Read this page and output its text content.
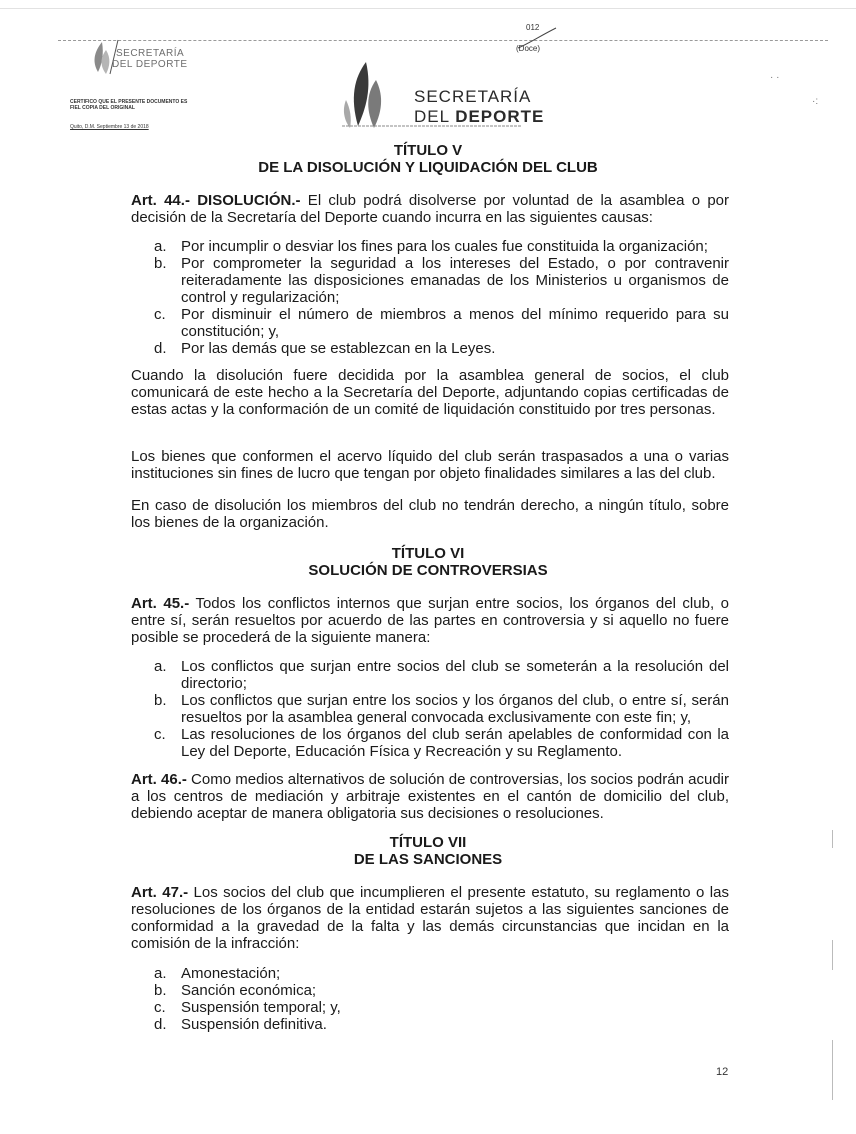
· ·
·:
SECRETARÍA
DEL DEPORTE
CERTIFICO QUE EL PRESENTE DOCUMENTO ES FIEL COPIA DEL ORIGINAL
Quito, D.M. Septiembre 13 de 2018
012
(Doce)
SECRETARÍA
DEL DEPORTE
TÍTULO V
DE LA DISOLUCIÓN Y LIQUIDACIÓN DEL CLUB

Art. 44.- DISOLUCIÓN.- El club podrá disolverse por voluntad de la asamblea o por decisión de la Secretaría del Deporte cuando incurra en las siguientes causas:

a. Por incumplir o desviar los fines para los cuales fue constituida la organización;
b. Por comprometer la seguridad a los intereses del Estado, o por contravenir reiteradamente las disposiciones emanadas de los Ministerios u organismos de control y regularización;
c. Por disminuir el número de miembros a menos del mínimo requerido para su constitución; y,
d. Por las demás que se establezcan en la Leyes.

Cuando la disolución fuere decidida por la asamblea general de socios, el club comunicará de este hecho a la Secretaría del Deporte, adjuntando copias certificadas de estas actas y la conformación de un comité de liquidación constituido por tres personas.

Los bienes que conformen el acervo líquido del club serán traspasados a una o varias instituciones sin fines de lucro que tengan por objeto finalidades similares a las del club.

En caso de disolución los miembros del club no tendrán derecho, a ningún título, sobre los bienes de la organización.

TÍTULO VI
SOLUCIÓN DE CONTROVERSIAS

Art. 45.- Todos los conflictos internos que surjan entre socios, los órganos del club, o entre sí, serán resueltos por acuerdo de las partes en controversia y si aquello no fuere posible se procederá de la siguiente manera:

a. Los conflictos que surjan entre socios del club se someterán a la resolución del directorio;
b. Los conflictos que surjan entre los socios y los órganos del club, o entre sí, serán resueltos por la asamblea general convocada exclusivamente con este fin; y,
c. Las resoluciones de los órganos del club serán apelables de conformidad con la Ley del Deporte, Educación Física y Recreación y su Reglamento.

Art. 46.- Como medios alternativos de solución de controversias, los socios podrán acudir a los centros de mediación y arbitraje existentes en el cantón de domicilio del club, debiendo aceptar de manera obligatoria sus decisiones o resoluciones.

TÍTULO VII
DE LAS SANCIONES

Art. 47.- Los socios del club que incumplieren el presente estatuto, su reglamento o las resoluciones de los órganos de la entidad estarán sujetos a las siguientes sanciones de conformidad a la gravedad de la falta y las demás circunstancias que incidan en la comisión de la infracción:

a. Amonestación;
b. Sanción económica;
c. Suspensión temporal; y,
d. Suspensión definitiva.
12
